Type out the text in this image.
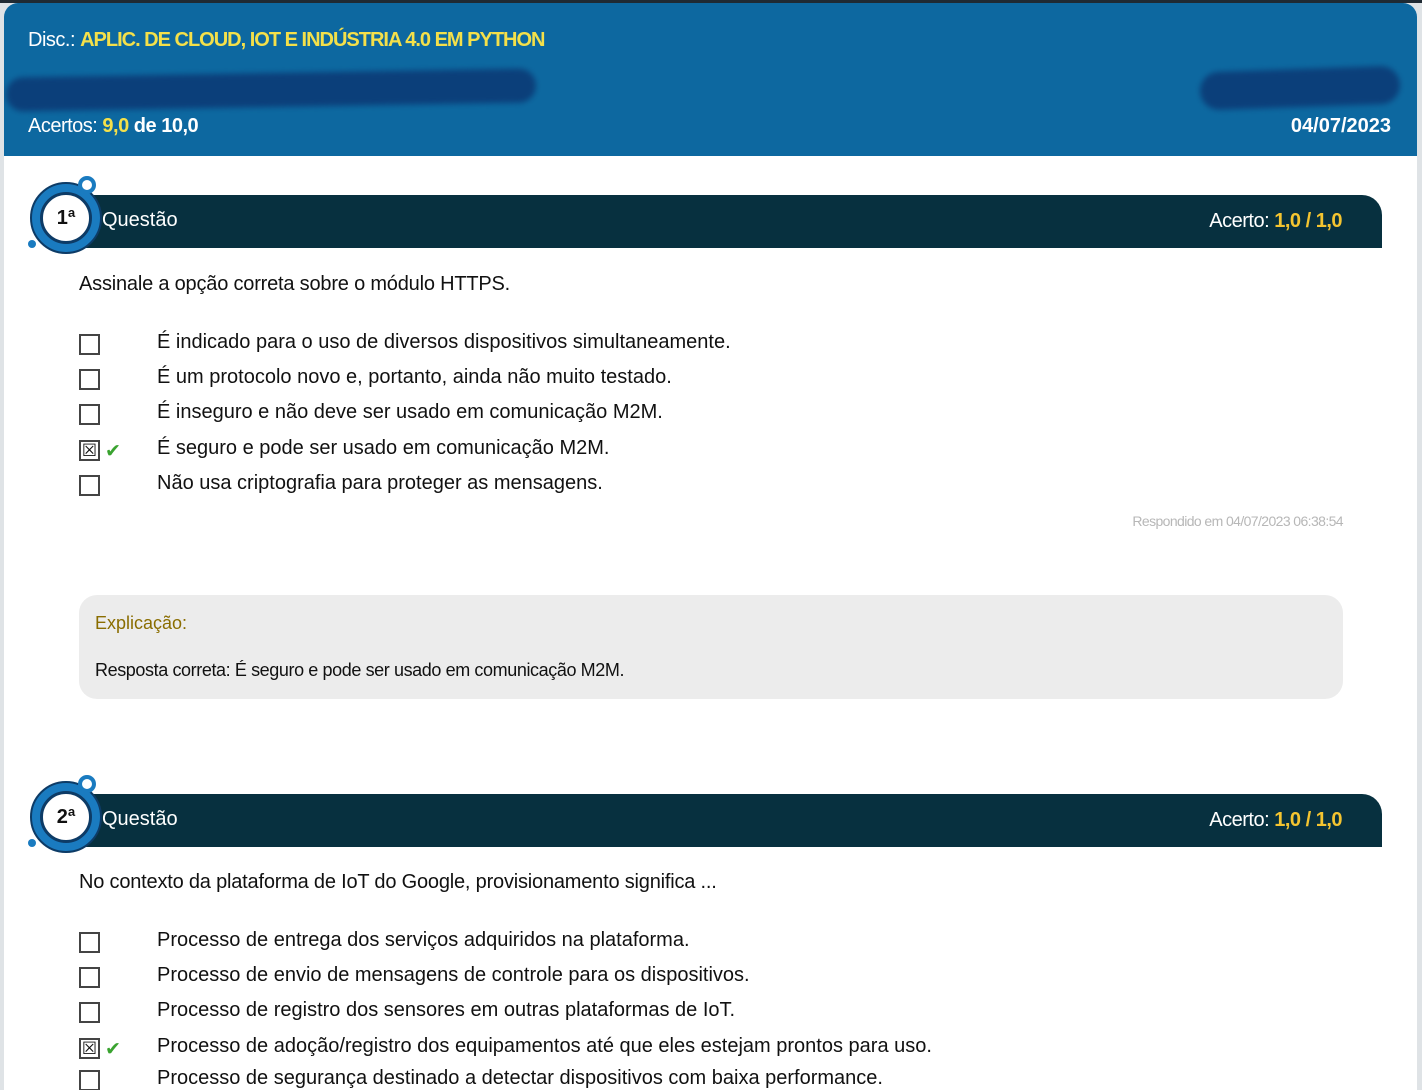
Disc.: APLIC. DE CLOUD, IOT E INDÚSTRIA 4.0 EM PYTHON
Acertos: 9,0 de 10,0	04/07/2023
Questão	Acerto: 1,0 / 1,0
1ª
Assinale a opção correta sobre o módulo HTTPS.
É indicado para o uso de diversos dispositivos simultaneamente.
É um protocolo novo e, portanto, ainda não muito testado.
É inseguro e não deve ser usado em comunicação M2M.
☒ ✔ É seguro e pode ser usado em comunicação M2M.
Não usa criptografia para proteger as mensagens.
Respondido em 04/07/2023 06:38:54
Explicação:
Resposta correta: É seguro e pode ser usado em comunicação M2M.
Questão	Acerto: 1,0 / 1,0
2ª
No contexto da plataforma de IoT do Google, provisionamento significa ...
Processo de entrega dos serviços adquiridos na plataforma.
Processo de envio de mensagens de controle para os dispositivos.
Processo de registro dos sensores em outras plataformas de IoT.
☒ ✔ Processo de adoção/registro dos equipamentos até que eles estejam prontos para uso.
Processo de segurança destinado a detectar dispositivos com baixa performance.
